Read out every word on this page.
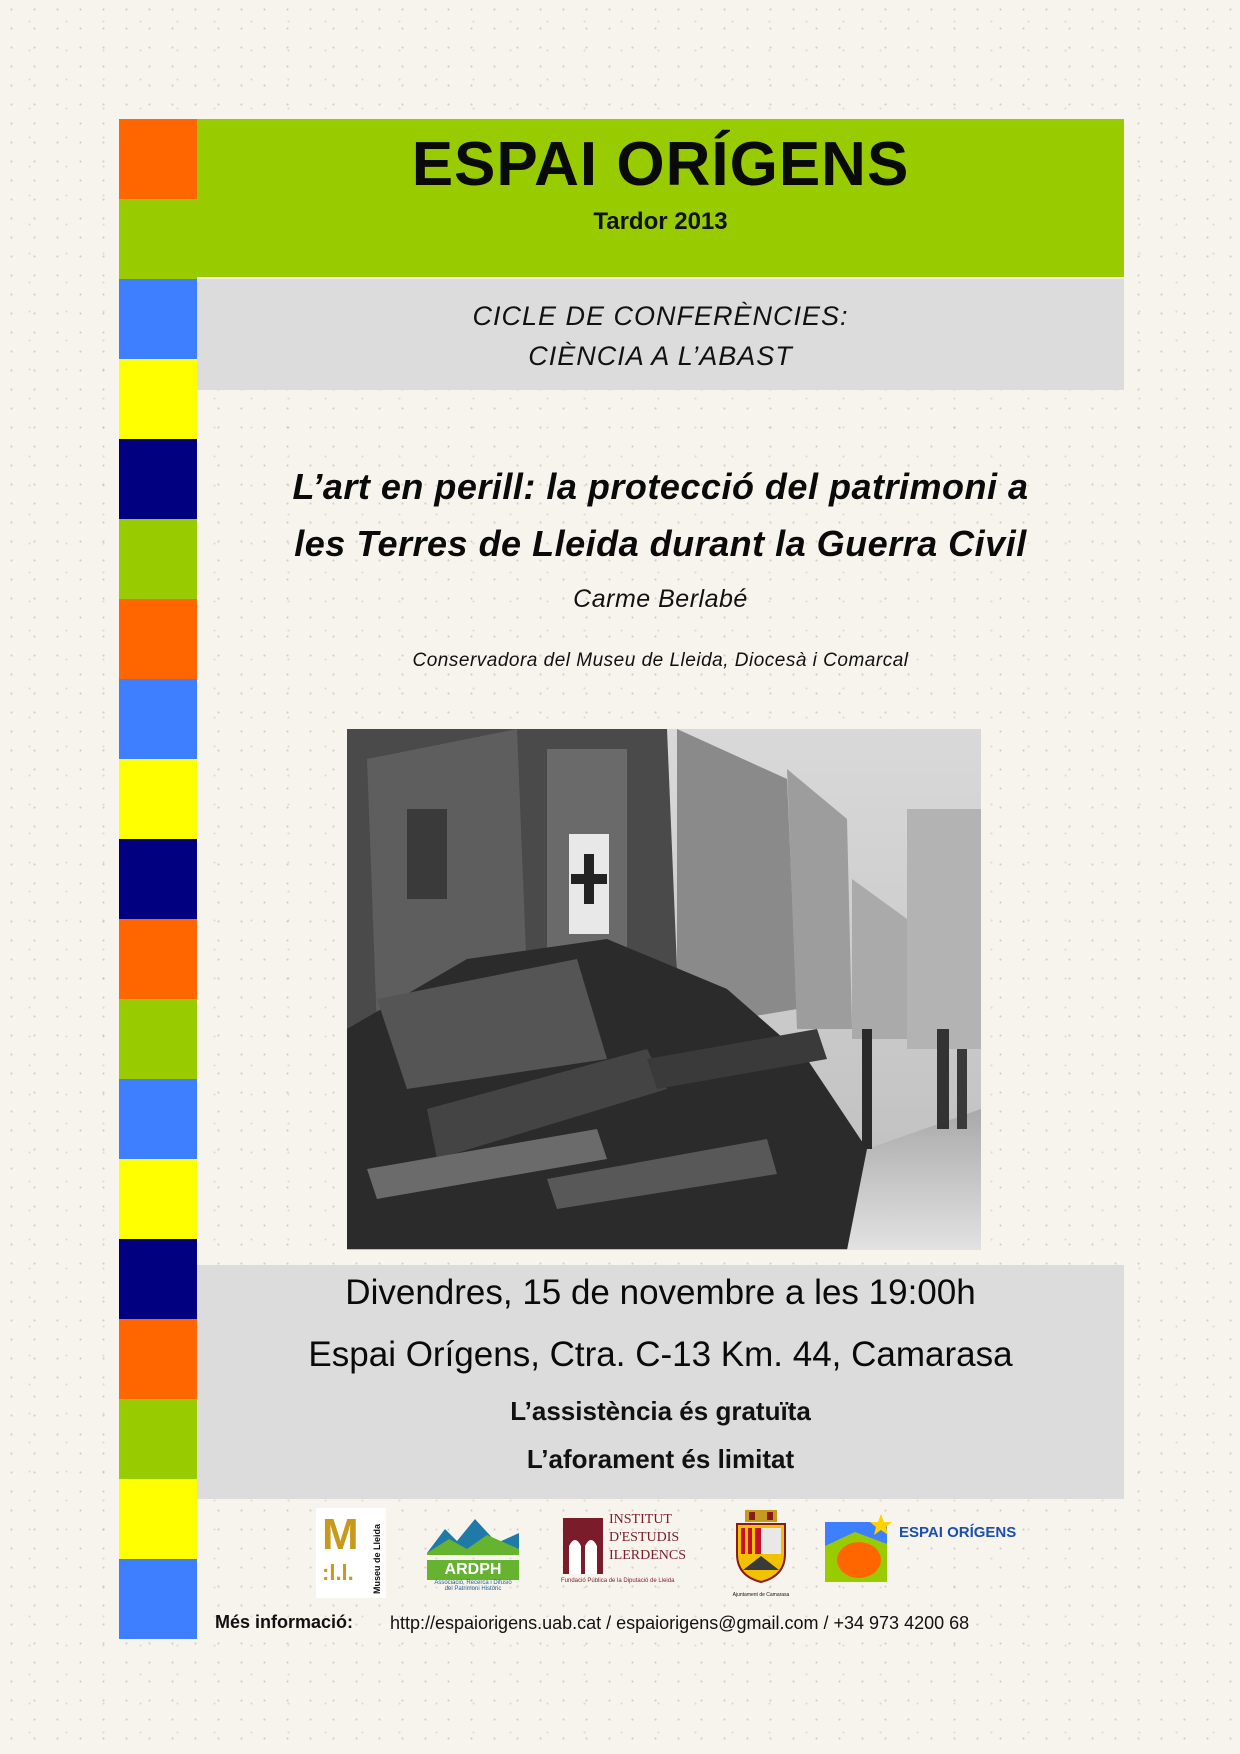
ESPAI ORÍGENS
Tardor 2013
CICLE DE CONFERÈNCIES:
CIÈNCIA A L’ABAST
L’art en perill: la protecció del patrimoni a
les Terres de Lleida durant la Guerra Civil
Carme Berlabé
Conservadora del Museu de Lleida, Diocesà i Comarcal
Divendres, 15 de novembre a les 19:00h
Espai Orígens, Ctra. C-13 Km. 44, Camarasa
L’assistència és gratuïta
L’aforament és limitat
M
:l.l. Museu de Lleida	ARDPH
Associació, Recerca i Difusió
del Patrimoni Històric
INSTITUT
D'ESTUDIS
ILERDENCS
Fundació Pública de la Diputació de Lleida
Ajuntament de Camarasa
ESPAI ORÍGENS
Més informació: http://espaiorigens.uab.cat / espaiorigens@gmail.com / +34 973 4200 68
